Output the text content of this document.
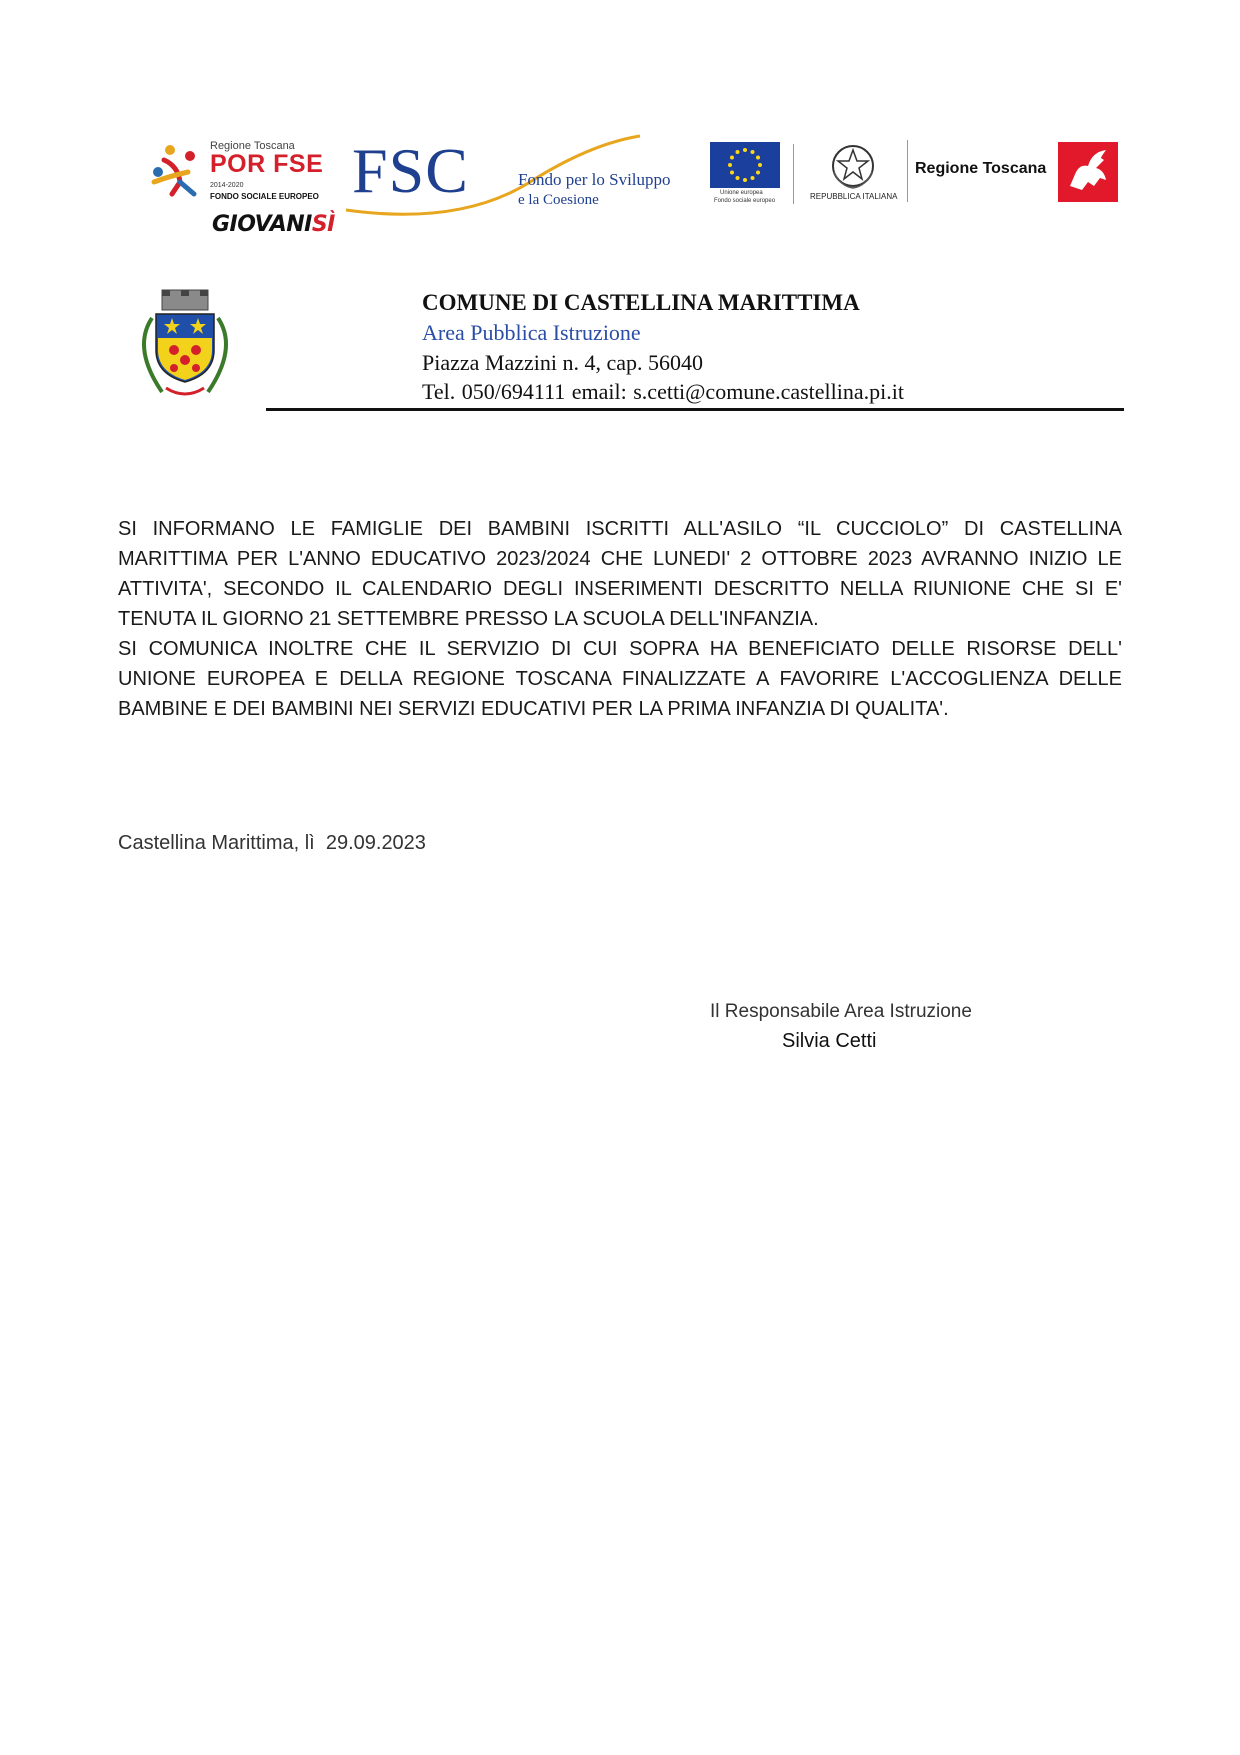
Regione Toscana
POR FSE
2014-2020
FONDO SOCIALE EUROPEO
GIOVANISÌ
FSC	Fondo per lo Sviluppo
e la Coesione	Unione europea
Fondo sociale europeo	REPUBBLICA ITALIANA
Regione Toscana
COMUNE DI CASTELLINA MARITTIMA
Area Pubblica Istruzione
Piazza Mazzini n. 4, cap. 56040
Tel. 050/694111 email: s.cetti@comune.castellina.pi.it

SI INFORMANO LE FAMIGLIE DEI BAMBINI ISCRITTI ALL'ASILO “IL CUCCIOLO” DI CASTELLINA MARITTIMA PER L'ANNO EDUCATIVO 2023/2024 CHE LUNEDI' 2 OTTOBRE 2023 AVRANNO INIZIO LE ATTIVITA', SECONDO IL CALENDARIO DEGLI INSERIMENTI DESCRITTO NELLA RIUNIONE CHE SI E' TENUTA IL GIORNO 21 SETTEMBRE PRESSO LA SCUOLA DELL'INFANZIA.

SI COMUNICA INOLTRE CHE IL SERVIZIO DI CUI SOPRA HA BENEFICIATO DELLE RISORSE DELL' UNIONE EUROPEA E DELLA REGIONE TOSCANA FINALIZZATE A FAVORIRE L'ACCOGLIENZA DELLE BAMBINE E DEI BAMBINI NEI SERVIZI EDUCATIVI PER LA PRIMA INFANZIA DI QUALITA'.

Castellina Marittima, lì  29.09.2023
Il Responsabile Area Istruzione
Silvia Cetti
